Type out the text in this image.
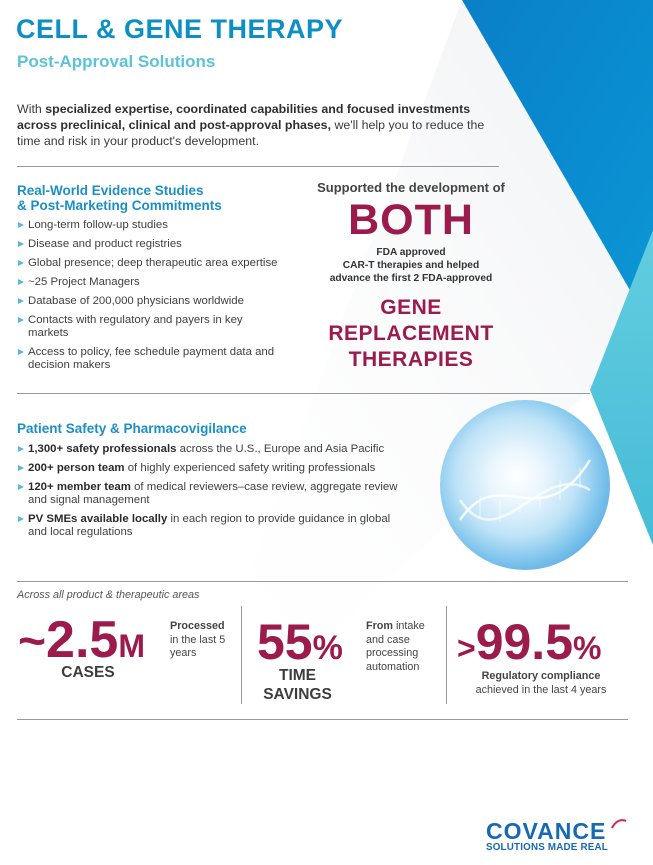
CELL & GENE THERAPY
Post-Approval Solutions

With specialized expertise, coordinated capabilities and focused investments across preclinical, clinical and post-approval phases, we'll help you to reduce the time and risk in your product's development.

Real-World Evidence Studies
& Post-Marketing Commitments
Long-term follow-up studies
Disease and product registries
Global presence; deep therapeutic area expertise
~25 Project Managers
Database of 200,000 physicians worldwide
Contacts with regulatory and payers in key markets
Access to policy, fee schedule payment data and decision makers
Supported the development of
BOTH
FDA approved
CAR-T therapies and helped
advance the first 2 FDA-approved
GENE
REPLACEMENT
THERAPIES
Patient Safety & Pharmacovigilance
1,300+ safety professionals across the U.S., Europe and Asia Pacific
200+ person team of highly experienced safety writing professionals
120+ member team of medical reviewers–case review, aggregate review and signal management
PV SMEs available locally in each region to provide guidance in global and local regulations
Across all product & therapeutic areas
~2.5M
CASES
Processed in the last 5 years	55%
TIME
SAVINGS
From intake and case processing automation
>99.5%
Regulatory compliance
achieved in the last 4 years
COVANCE
SOLUTIONS MADE REAL
